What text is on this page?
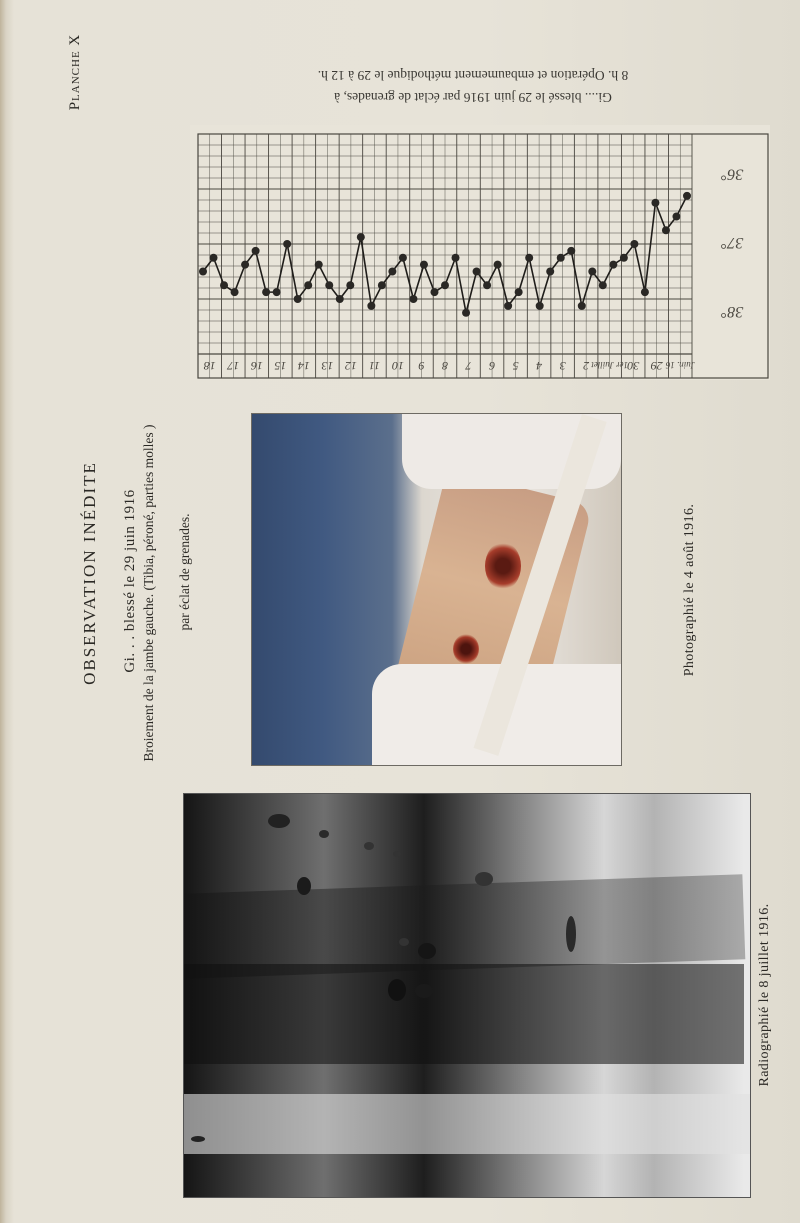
Planche X
OBSERVATION INÉDITE Gi. . . blessé le 29 juin 1916 Broiement de la jambe gauche. (Tibia, péroné, parties molles ) par éclat de grenades.
Radiographié le 8 juillet 1916.
Photographié le 4 août 1916.
Juin. 16
29
30
1er Juillet
2
3
4
5
6
7
8
9
10
11
12
13
14
15
16
17
18
38°
37°
36°
Gi.... blessé le 29 juin 1916 par éclat de grenades, à
8 h. Opération et embaumement méthodique le 29 à 12 h.
